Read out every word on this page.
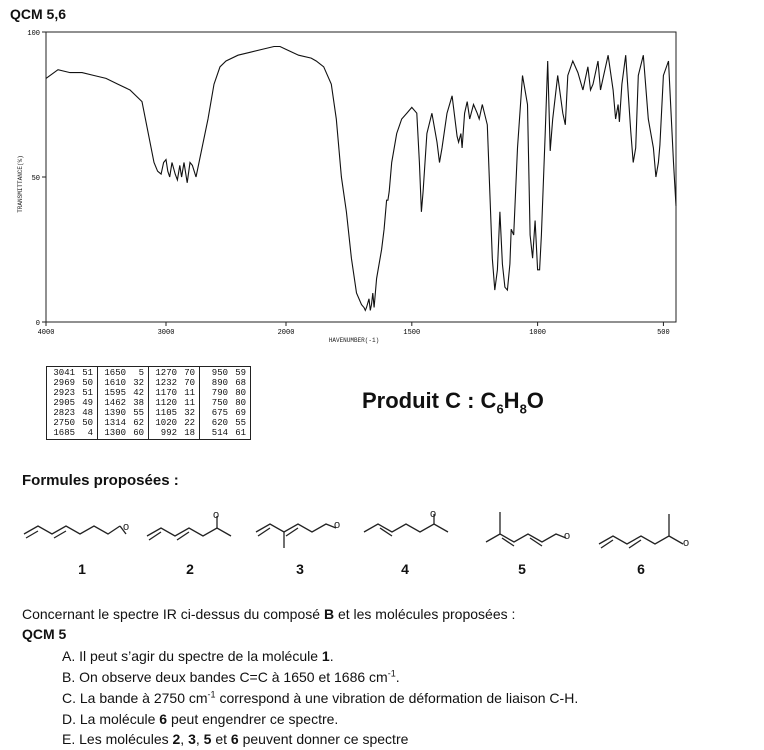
QCM 5,6
4000	3000	2000	1500	1000	500
100
50
0
TRANSMITTANCE(%)
HAVENUMBER(-1)
3041 51
2969 50
2923 51
2905 49
2823 48
2750 50
1685	4

1650	5
1610 32
1595 42
1462 38
1390 55
1314 62
1300 60

1270 70
1232 70
1170 11
1120 11
1105 32
1020 22
992 18

950 59
890 68
790 80
750 80
675 69
620 55
514 61
Produit C : $C_6H_8O$
Formules proposées :
o
o
o
o
o
o
1	2	3	4	5	6
Concernant le spectre IR ci-dessus du composé B et les molécules proposées :
QCM 5
A. Il peut s’agir du spectre de la molécule 1.
B. On observe deux bandes C=C à 1650 et 1686 $cm^{-1}$.
C. La bande à 2750 $cm^{-1}$ correspond à une vibration de déformation de liaison C-H.
D. La molécule 6 peut engendrer ce spectre.
E. Les molécules 2, 3, 5 et 6 peuvent donner ce spectre
